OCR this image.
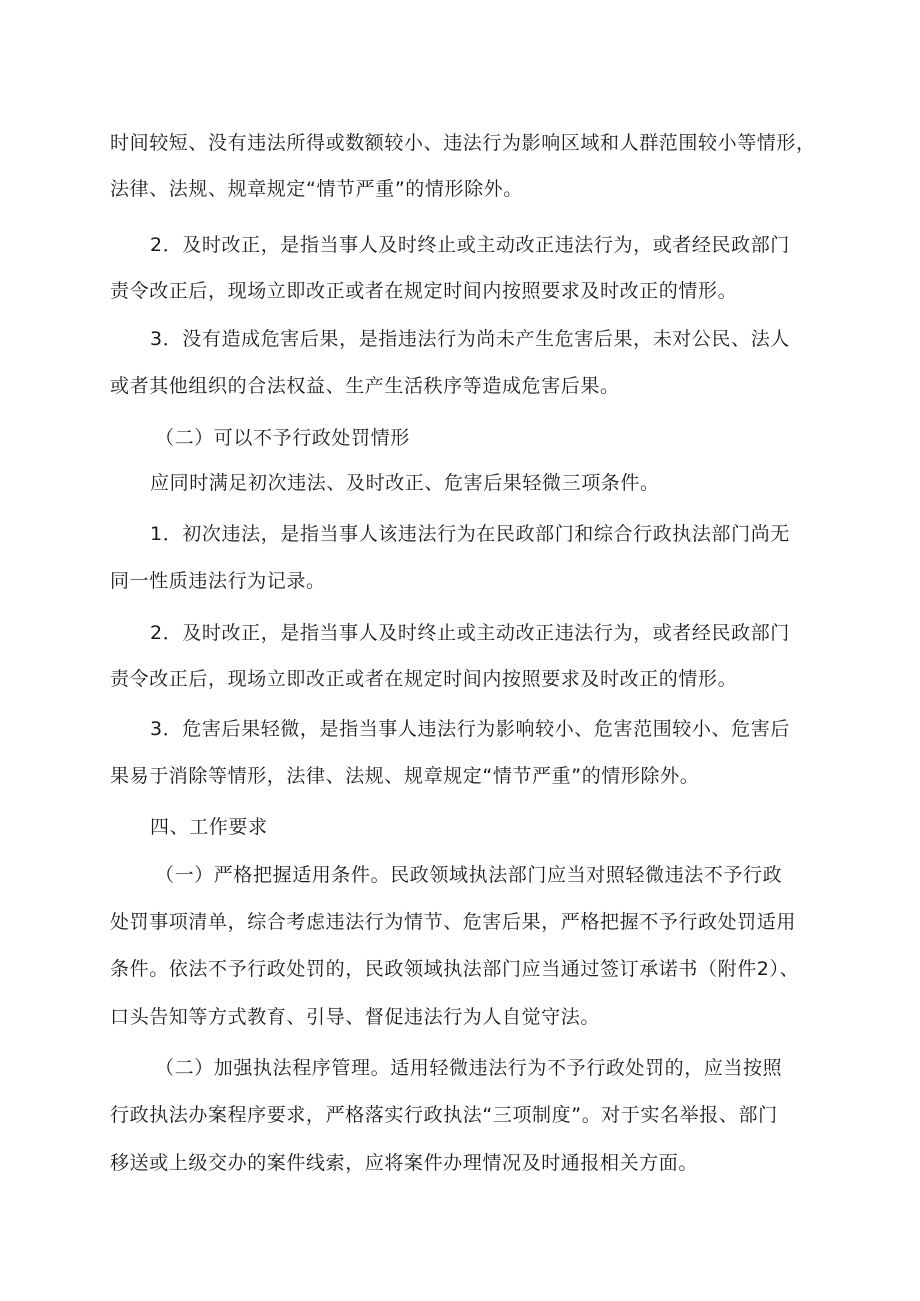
时间较短、没有违法所得或数额较小、违法行为影响区域和人群范围较小等情形，

法律、法规、规章规定“情节严重”的情形除外。

2．及时改正，是指当事人及时终止或主动改正违法行为，或者经民政部门

责令改正后，现场立即改正或者在规定时间内按照要求及时改正的情形。

3．没有造成危害后果，是指违法行为尚未产生危害后果，未对公民、法人

或者其他组织的合法权益、生产生活秩序等造成危害后果。

（二）可以不予行政处罚情形

应同时满足初次违法、及时改正、危害后果轻微三项条件。

1．初次违法，是指当事人该违法行为在民政部门和综合行政执法部门尚无

同一性质违法行为记录。

2．及时改正，是指当事人及时终止或主动改正违法行为，或者经民政部门

责令改正后，现场立即改正或者在规定时间内按照要求及时改正的情形。

3．危害后果轻微，是指当事人违法行为影响较小、危害范围较小、危害后

果易于消除等情形，法律、法规、规章规定“情节严重”的情形除外。

四、工作要求

（一）严格把握适用条件。民政领域执法部门应当对照轻微违法不予行政

处罚事项清单，综合考虑违法行为情节、危害后果，严格把握不予行政处罚适用

条件。依法不予行政处罚的，民政领域执法部门应当通过签订承诺书（附件2）、

口头告知等方式教育、引导、督促违法行为人自觉守法。

（二）加强执法程序管理。适用轻微违法行为不予行政处罚的，应当按照

行政执法办案程序要求，严格落实行政执法“三项制度”。对于实名举报、部门

移送或上级交办的案件线索，应将案件办理情况及时通报相关方面。
